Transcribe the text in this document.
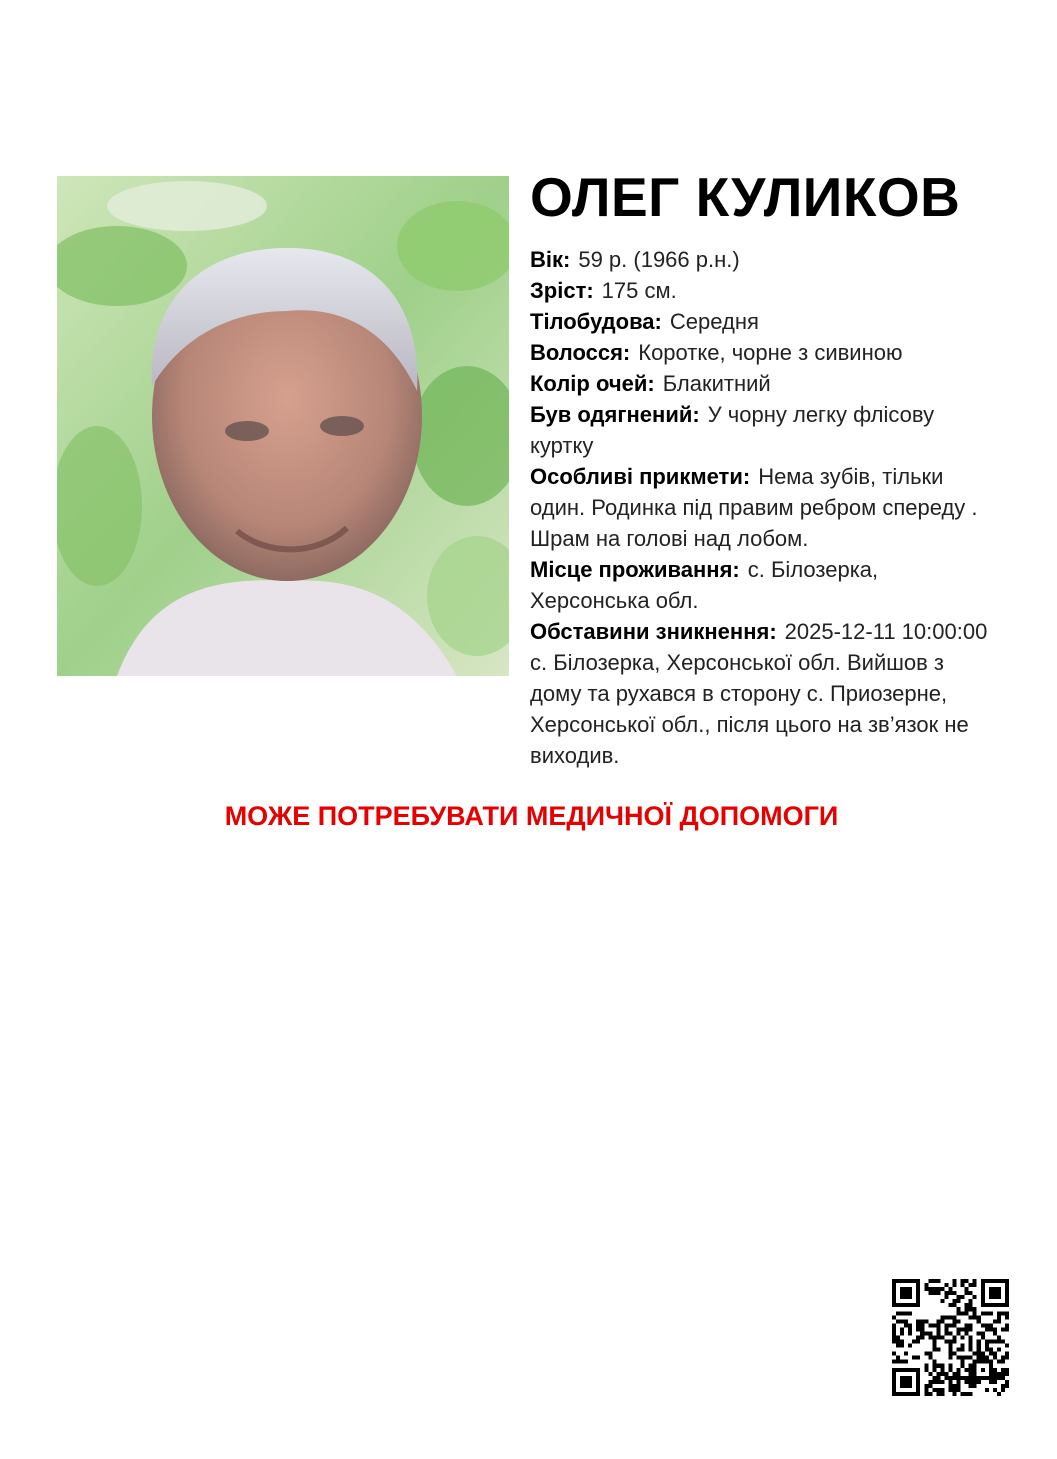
ОЛЕГ КУЛИКОВ
Вік: 59 р. (1966 р.н.)
Зріст: 175 см.
Тілобудова: Середня
Волосся: Коротке, чорне з сивиною
Колір очей: Блакитний
Був одягнений: У чорну легку флісову куртку
Особливі прикмети: Нема зубів, тільки один. Родинка під правим ребром спереду . Шрам на голові над лобом.
Місце проживання: с. Білозерка, Херсонська обл.
Обставини зникнення: 2025-12-11 10:00:00 с. Білозерка, Херсонської обл. Вийшов з дому та рухався в сторону с. Приозерне, Херсонської обл., після цього на зв’язок не виходив.
МОЖЕ ПОТРЕБУВАТИ МЕДИЧНОЇ ДОПОМОГИ
